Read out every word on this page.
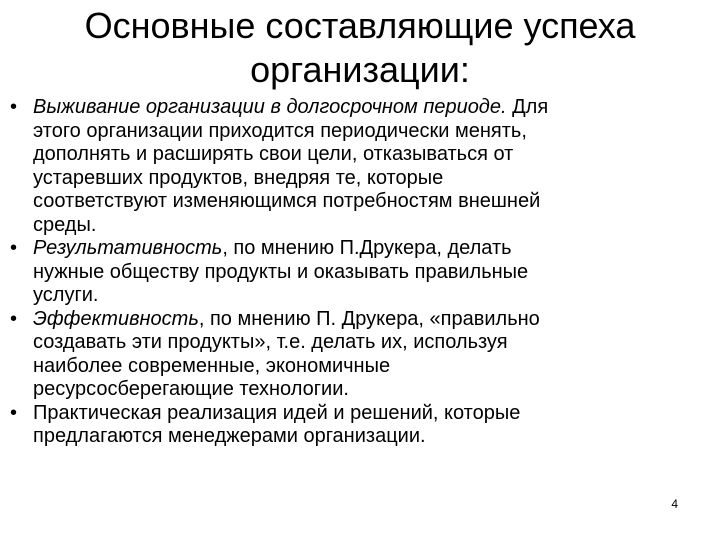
Основные составляющие успеха
организации:
• Выживание организации в долгосрочном периоде. Для
этого организации приходится периодически менять,
дополнять и расширять свои цели, отказываться от
устаревших продуктов, внедряя те, которые
соответствуют изменяющимся потребностям внешней
среды.
• Результативность, по мнению П.Друкера, делать
нужные обществу продукты и оказывать правильные
услуги.
• Эффективность, по мнению П. Друкера, «правильно
создавать эти продукты», т.е. делать их, используя
наиболее современные, экономичные
ресурсосберегающие технологии.
• Практическая реализация идей и решений, которые
предлагаются менеджерами организации.
4
